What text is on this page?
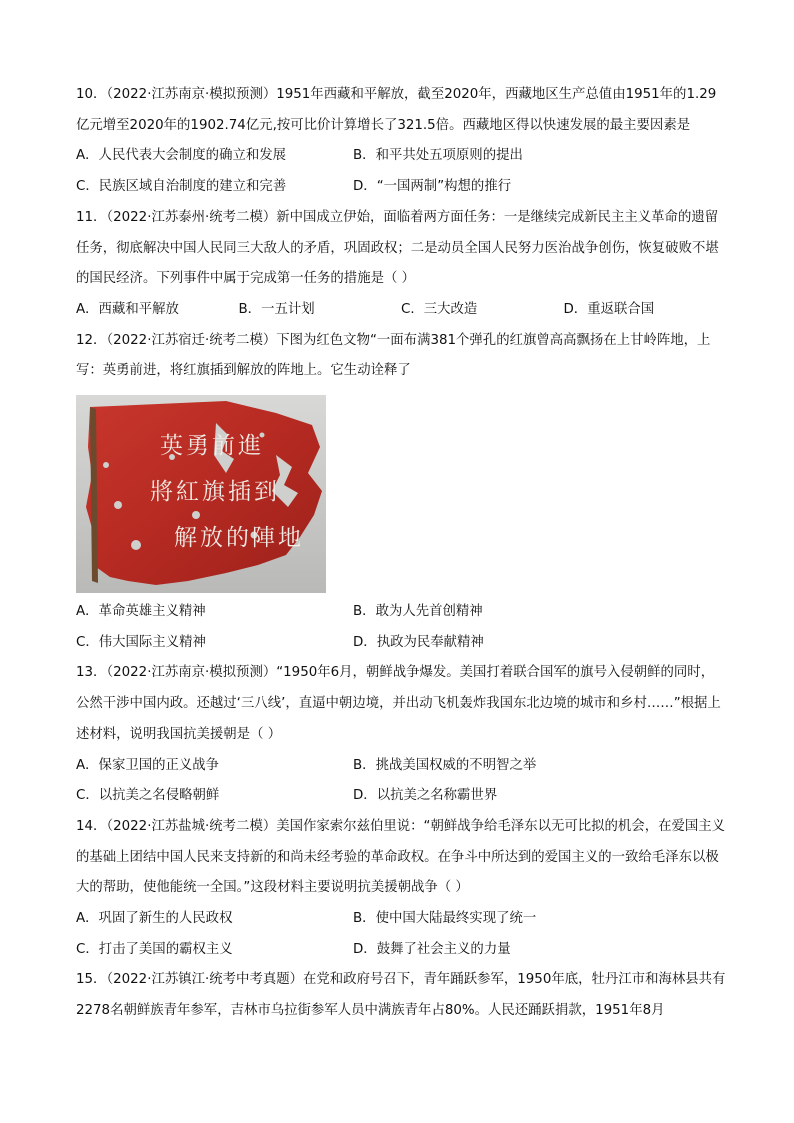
10．（2022·江苏南京·模拟预测）1951年西藏和平解放，截至2020年，西藏地区生产总值由1951年的1.29亿元增至2020年的1902.74亿元,按可比价计算增长了321.5倍。西藏地区得以快速发展的最主要因素是

A．人民代表大会制度的确立和发展	B．和平共处五项原则的提出
C．民族区域自治制度的建立和完善	D．“一国两制”构想的推行

11．（2022·江苏泰州·统考二模）新中国成立伊始，面临着两方面任务：一是继续完成新民主主义革命的遗留任务，彻底解决中国人民同三大敌人的矛盾，巩固政权；二是动员全国人民努力医治战争创伤，恢复破败不堪的国民经济。下列事件中属于完成第一任务的措施是（ ）

A．西藏和平解放	B．一五计划	C．三大改造	D．重返联合国

12．（2022·江苏宿迁·统考二模）下图为红色文物“一面布满381个弹孔的红旗曾高高飘扬在上甘岭阵地，上写：英勇前进，将红旗插到解放的阵地上。它生动诠释了

英勇前進
將紅旗插到
解放的陣地
A．革命英雄主义精神	B．敢为人先首创精神
C．伟大国际主义精神	D．执政为民奉献精神

13．（2022·江苏南京·模拟预测）“1950年6月，朝鲜战争爆发。美国打着联合国军的旗号入侵朝鲜的同时，公然干涉中国内政。还越过‘三八线’，直逼中朝边境，并出动飞机轰炸我国东北边境的城市和乡村……”根据上述材料，说明我国抗美援朝是（ ）

A．保家卫国的正义战争	B．挑战美国权威的不明智之举
C．以抗美之名侵略朝鲜	D．以抗美之名称霸世界

14．（2022·江苏盐城·统考二模）美国作家索尔兹伯里说：“朝鲜战争给毛泽东以无可比拟的机会，在爱国主义的基础上团结中国人民来支持新的和尚未经考验的革命政权。在争斗中所达到的爱国主义的一致给毛泽东以极大的帮助，使他能统一全国。”这段材料主要说明抗美援朝战争（ ）

A．巩固了新生的人民政权	B．使中国大陆最终实现了统一
C．打击了美国的霸权主义	D．鼓舞了社会主义的力量

15．（2022·江苏镇江·统考中考真题）在党和政府号召下，青年踊跃参军，1950年底，牡丹江市和海林县共有2278名朝鲜族青年参军，吉林市乌拉街参军人员中满族青年占80%。人民还踊跃捐款，1951年8月
